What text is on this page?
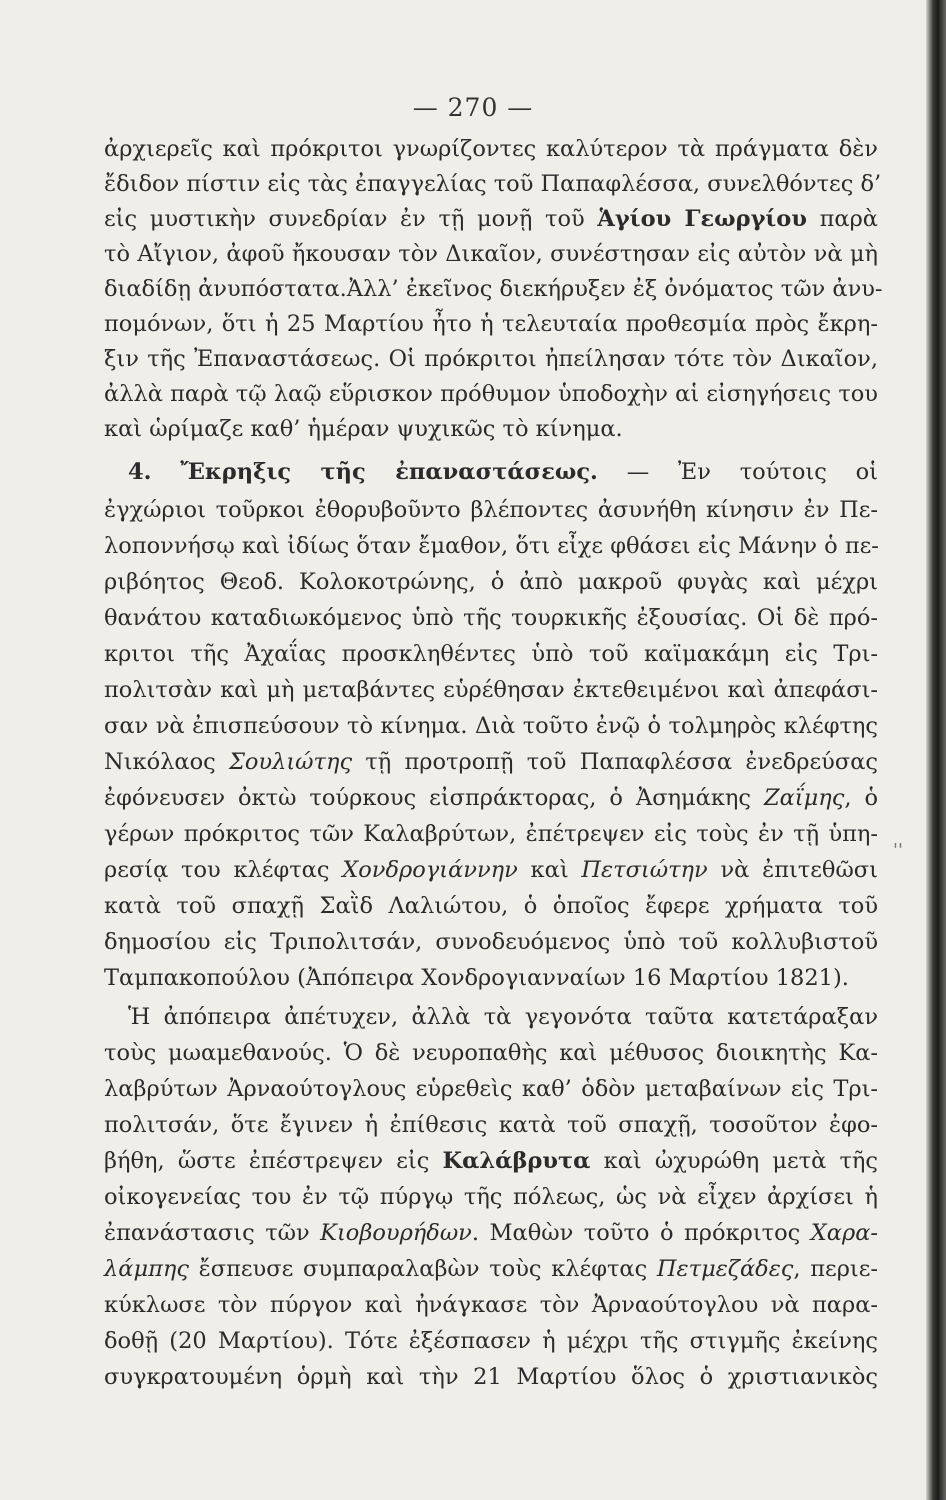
— 270 —
ἀρχιερεῖς καὶ πρόκριτοι γνωρίζοντες καλύτερον τὰ πράγματα δὲν
ἔδιδον πίστιν εἰς τὰς ἐπαγγελίας τοῦ Παπαφλέσσα, συνελθόντες δ’
εἰς μυστικὴν συνεδρίαν ἐν τῇ μονῇ τοῦ Ἁγίου Γεωργίου παρὰ
τὸ Αἴγιον, ἀφοῦ ἤκουσαν τὸν Δικαῖον, συνέστησαν εἰς αὐτὸν νὰ μὴ
διαδίδῃ ἀνυπόστατα.Ἀλλ’ ἐκεῖνος διεκήρυξεν ἐξ ὀνόματος τῶν ἀνυ-
πομόνων, ὅτι ἡ 25 Μαρτίου ἦτο ἡ τελευταία προθεσμία πρὸς ἔκρη-
ξιν τῆς Ἐπαναστάσεως. Οἱ πρόκριτοι ἠπείλησαν τότε τὸν Δικαῖον,
ἀλλὰ παρὰ τῷ λαῷ εὕρισκον πρόθυμον ὑποδοχὴν αἱ εἰσηγήσεις του
καὶ ὡρίμαζε καθ’ ἡμέραν ψυχικῶς τὸ κίνημα.
4. Ἔκρηξις τῆς ἐπαναστάσεως. — Ἐν τούτοις οἱ
ἐγχώριοι τοῦρκοι ἐθορυβοῦντο βλέποντες ἀσυνήθη κίνησιν ἐν Πε-
λοποννήσῳ καὶ ἰδίως ὅταν ἔμαθον, ὅτι εἶχε φθάσει εἰς Μάνην ὁ πε-
ριβόητος Θεοδ. Κολοκοτρώνης, ὁ ἀπὸ μακροῦ φυγὰς καὶ μέχρι
θανάτου καταδιωκόμενος ὑπὸ τῆς τουρκικῆς ἐξουσίας. Οἱ δὲ πρό-
κριτοι τῆς Ἀχαΐας προσκληθέντες ὑπὸ τοῦ καϊμακάμη εἰς Τρι-
πολιτσὰν καὶ μὴ μεταβάντες εὑρέθησαν ἐκτεθειμένοι καὶ ἀπεφάσι-
σαν νὰ ἐπισπεύσουν τὸ κίνημα. Διὰ τοῦτο ἐνῷ ὁ τολμηρὸς κλέφτης
Νικόλαος Σουλιώτης τῇ προτροπῇ τοῦ Παπαφλέσσα ἐνεδρεύσας
ἐφόνευσεν ὀκτὼ τούρκους εἰσπράκτορας, ὁ Ἀσημάκης Ζαΐμης, ὁ
γέρων πρόκριτος τῶν Καλαβρύτων, ἐπέτρεψεν εἰς τοὺς ἐν τῇ ὑπη-
ρεσίᾳ του κλέφτας Χονδρογιάννην καὶ Πετσιώτην νὰ ἐπιτεθῶσι
κατὰ τοῦ σπαχῇ Σαῒδ Λαλιώτου, ὁ ὁποῖος ἔφερε χρήματα τοῦ
δημοσίου εἰς Τριπολιτσάν, συνοδευόμενος ὑπὸ τοῦ κολλυβιστοῦ
Ταμπακοπούλου (Ἀπόπειρα Χονδρογιανναίων 16 Μαρτίου 1821).
Ἡ ἀπόπειρα ἀπέτυχεν, ἀλλὰ τὰ γεγονότα ταῦτα κατετάραξαν
τοὺς μωαμεθανούς. Ὁ δὲ νευροπαθὴς καὶ μέθυσος διοικητὴς Κα-
λαβρύτων Ἀρναούτογλους εὑρεθεὶς καθ’ ὁδὸν μεταβαίνων εἰς Τρι-
πολιτσάν, ὅτε ἔγινεν ἡ ἐπίθεσις κατὰ τοῦ σπαχῇ, τοσοῦτον ἐφο-
βήθη, ὥστε ἐπέστρεψεν εἰς Καλάβρυτα καὶ ὠχυρώθη μετὰ τῆς
οἰκογενείας του ἐν τῷ πύργῳ τῆς πόλεως, ὡς νὰ εἶχεν ἀρχίσει ἡ
ἐπανάστασις τῶν Κιοβουρήδων. Μαθὼν τοῦτο ὁ πρόκριτος Χαρα-
λάμπης ἔσπευσε συμπαραλαβὼν τοὺς κλέφτας Πετμεζάδες, περιε-
κύκλωσε τὸν πύργον καὶ ἠνάγκασε τὸν Ἀρναούτογλου νὰ παρα-
δοθῇ (20 Μαρτίου). Τότε ἐξέσπασεν ἡ μέχρι τῆς στιγμῆς ἐκείνης
συγκρατουμένη ὁρμὴ καὶ τὴν 21 Μαρτίου ὅλος ὁ χριστιανικὸς
''
